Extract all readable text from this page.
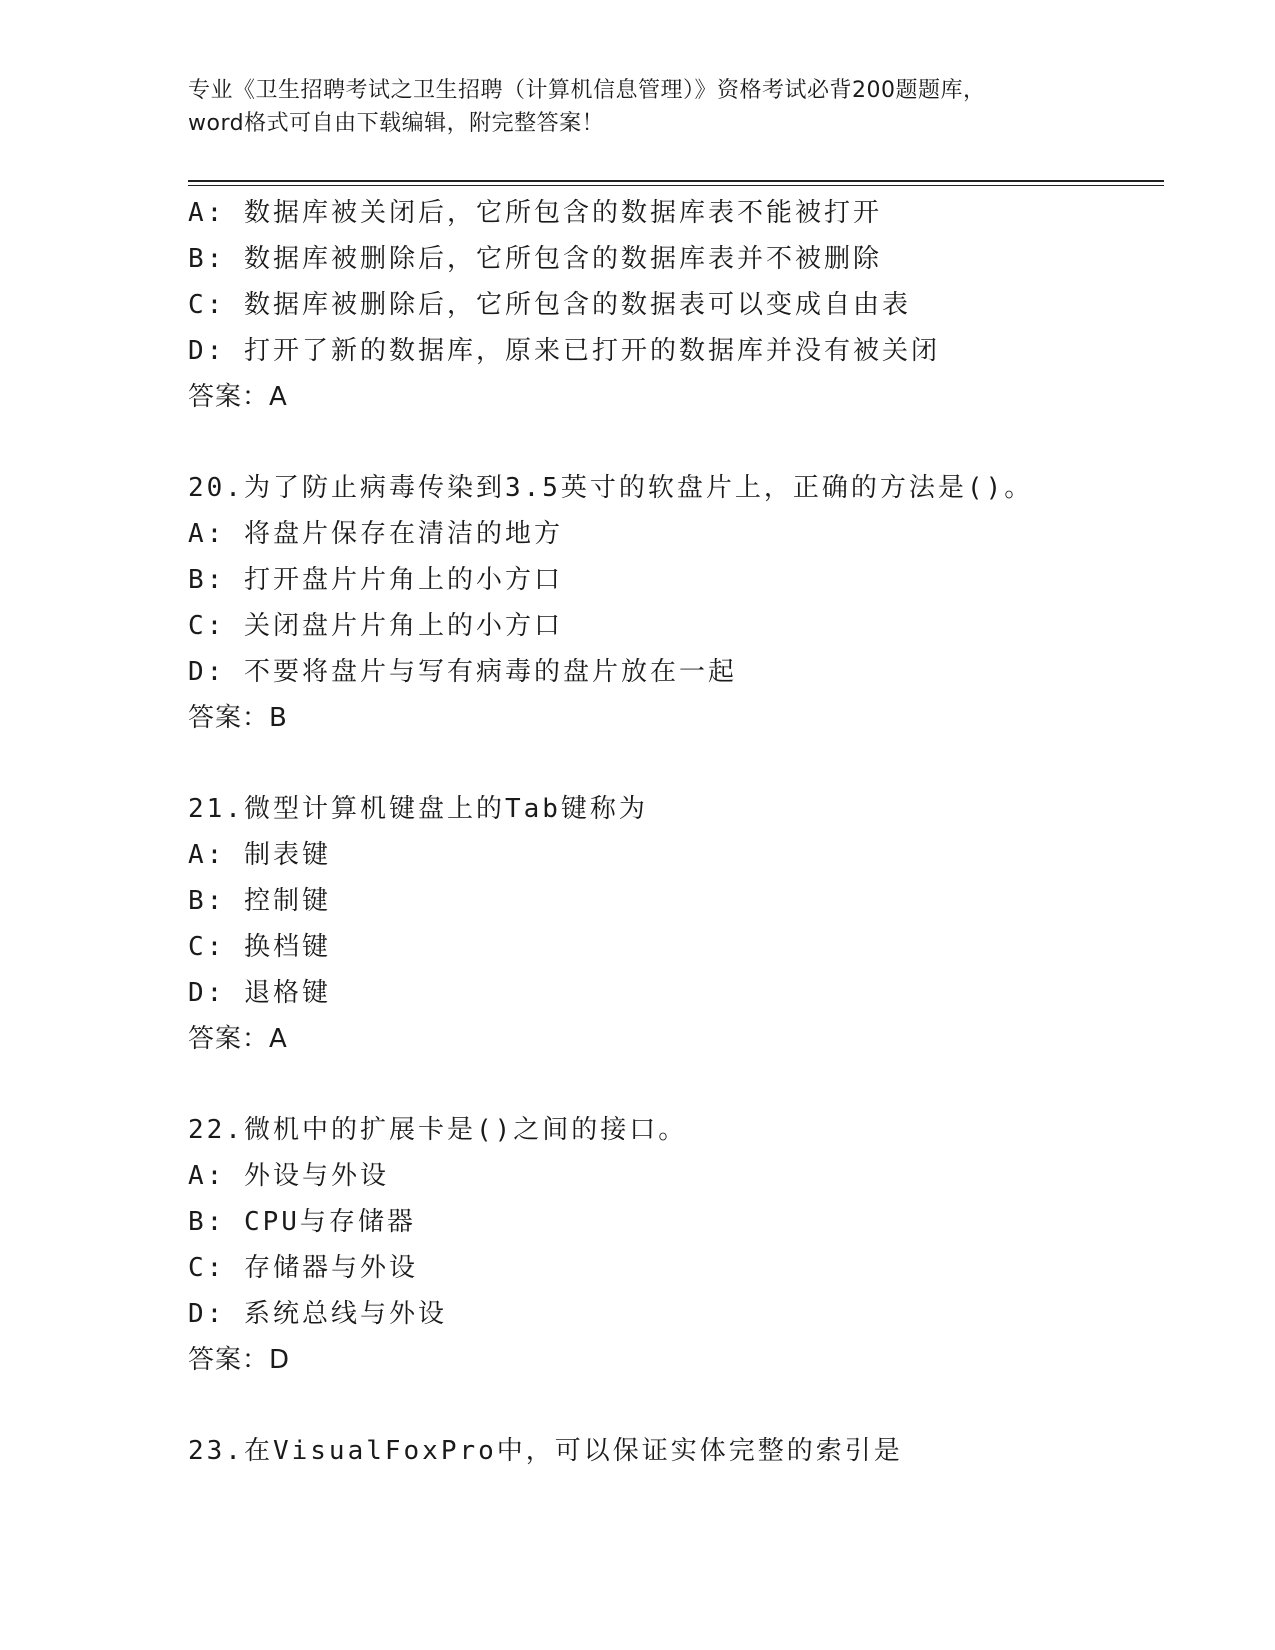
专业《卫生招聘考试之卫生招聘（计算机信息管理）》资格考试必背200题题库，
word格式可自由下载编辑，附完整答案！
A: 数据库被关闭后，它所包含的数据库表不能被打开
B: 数据库被删除后，它所包含的数据库表并不被删除
C: 数据库被删除后，它所包含的数据表可以变成自由表
D: 打开了新的数据库，原来已打开的数据库并没有被关闭
答案：A
20.为了防止病毒传染到3.5英寸的软盘片上，正确的方法是()。
A: 将盘片保存在清洁的地方
B: 打开盘片片角上的小方口
C: 关闭盘片片角上的小方口
D: 不要将盘片与写有病毒的盘片放在一起
答案：B
21.微型计算机键盘上的Tab键称为
A: 制表键
B: 控制键
C: 换档键
D: 退格键
答案：A
22.微机中的扩展卡是()之间的接口。
A: 外设与外设
B: CPU与存储器
C: 存储器与外设
D: 系统总线与外设
答案：D
23.在VisualFoxPro中，可以保证实体完整的索引是
